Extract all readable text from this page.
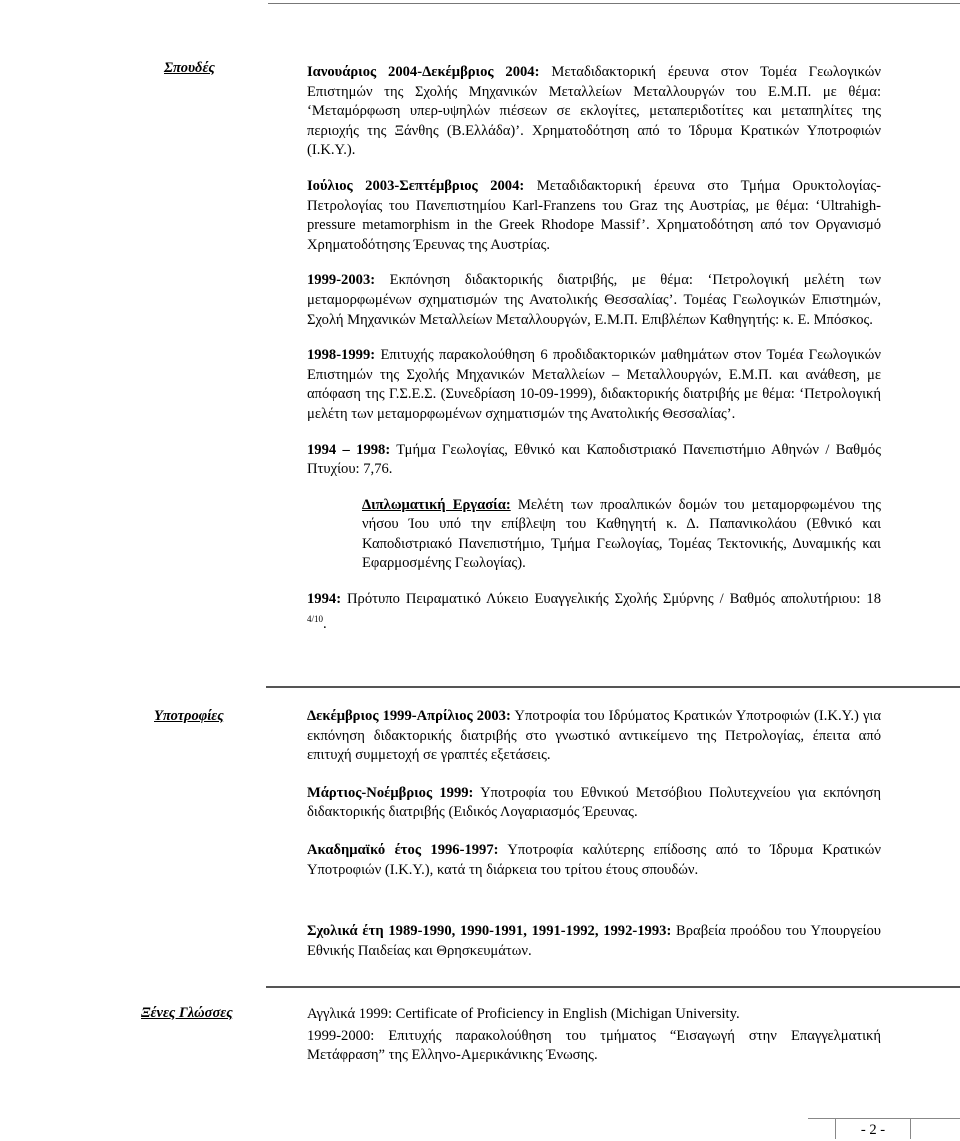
Σπουδές	Ιανουάριος 2004-Δεκέμβριος 2004: Μεταδιδακτορική έρευνα στον Τομέα Γεωλογικών Επιστημών της Σχολής Μηχανικών Μεταλλείων Μεταλλουργών του Ε.Μ.Π. με θέμα: ‘Μεταμόρφωση υπερ-υψηλών πιέσεων σε εκλογίτες, μεταπεριδοτίτες και μεταπηλίτες της περιοχής της Ξάνθης (Β.Ελλάδα)’. Χρηματοδότηση από το Ίδρυμα Κρατικών Υποτροφιών (Ι.Κ.Υ.).

Ιούλιος 2003-Σεπτέμβριος 2004: Μεταδιδακτορική έρευνα στο Τμήμα Ορυκτολογίας-Πετρολογίας του Πανεπιστημίου Karl-Franzens του Graz της Αυστρίας, με θέμα: ‘Ultrahigh-pressure metamorphism in the Greek Rhodope Massif’. Χρηματοδότηση από τον Οργανισμό Χρηματοδότησης Έρευνας της Αυστρίας.

1999-2003: Εκπόνηση διδακτορικής διατριβής, με θέμα: ‘Πετρολογική μελέτη των μεταμορφωμένων σχηματισμών της Ανατολικής Θεσσαλίας’. Τομέας Γεωλογικών Επιστημών, Σχολή Μηχανικών Μεταλλείων Μεταλλουργών, Ε.Μ.Π. Επιβλέπων Καθηγητής: κ. Ε. Μπόσκος.

1998-1999: Επιτυχής παρακολούθηση 6 προδιδακτορικών μαθημάτων στον Τομέα Γεωλογικών Επιστημών της Σχολής Μηχανικών Μεταλλείων – Μεταλλουργών, Ε.Μ.Π. και ανάθεση, με απόφαση της Γ.Σ.Ε.Σ. (Συνεδρίαση 10-09-1999), διδακτορικής διατριβής με θέμα: ‘Πετρολογική μελέτη των μεταμορφωμένων σχηματισμών της Ανατολικής Θεσσαλίας’.

1994 – 1998: Τμήμα Γεωλογίας, Εθνικό και Καποδιστριακό Πανεπιστήμιο Αθηνών / Βαθμός Πτυχίου: 7,76.

Διπλωματική Εργασία: Μελέτη των προαλπικών δομών του μεταμορφωμένου της νήσου Ίου υπό την επίβλεψη του Καθηγητή κ. Δ. Παπανικολάου (Εθνικό και Καποδιστριακό Πανεπιστήμιο, Τμήμα Γεωλογίας, Τομέας Τεκτονικής, Δυναμικής και Εφαρμοσμένης Γεωλογίας).

1994: Πρότυπο Πειραματικό Λύκειο Ευαγγελικής Σχολής Σμύρνης / Βαθμός απολυτήριου: 18 $^{4/10}$.

Υποτροφίες	Δεκέμβριος 1999-Απρίλιος 2003: Υποτροφία του Ιδρύματος Κρατικών Υποτροφιών (Ι.Κ.Υ.) για εκπόνηση διδακτορικής διατριβής στο γνωστικό αντικείμενο της Πετρολογίας, έπειτα από επιτυχή συμμετοχή σε γραπτές εξετάσεις.

Μάρτιος-Νοέμβριος 1999: Υποτροφία του Εθνικού Μετσόβιου Πολυτεχνείου για εκπόνηση διδακτορικής διατριβής (Ειδικός Λογαριασμός Έρευνας.

Ακαδημαϊκό έτος 1996-1997: Υποτροφία καλύτερης επίδοσης από το Ίδρυμα Κρατικών Υποτροφιών (Ι.Κ.Υ.), κατά τη διάρκεια του τρίτου έτους σπουδών.

Σχολικά έτη 1989-1990, 1990-1991, 1991-1992, 1992-1993: Βραβεία προόδου του Υπουργείου Εθνικής Παιδείας και Θρησκευμάτων.

Ξένες Γλώσσες	Αγγλικά 1999: Certificate of Proficiency in English (Michigan University.

1999-2000: Επιτυχής παρακολούθηση του τμήματος “Εισαγωγή στην Επαγγελματική Μετάφραση” της Ελληνο-Αμερικάνικης Ένωσης.

- 2 -
